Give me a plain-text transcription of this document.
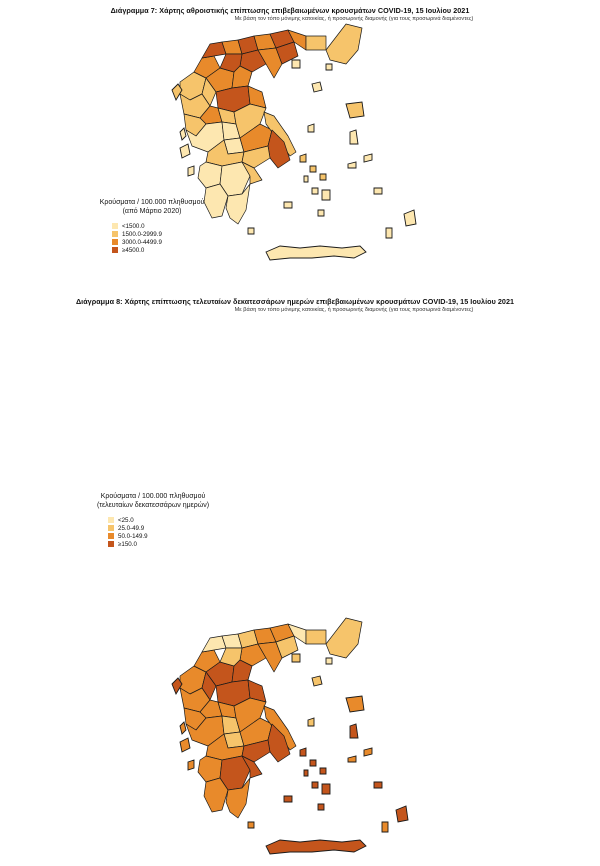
Διάγραμμα 7: Χάρτης αθροιστικής επίπτωσης επιβεβαιωμένων κρουσμάτων COVID-19, 15 Ιουλίου 2021
Με βάση τον τόπο μόνιμης κατοικίας, ή προσωρινής διαμονής (για τους προσωρινά διαμένοντες)
Κρούσματα / 100.000 πληθυσμού
(από Μάρτιο 2020)
<1500.0
1500.0-2999.9
3000.0-4499.9
≥4500.0
Διάγραμμα 8: Χάρτης επίπτωσης τελευταίων δεκατεσσάρων ημερών επιβεβαιωμένων κρουσμάτων COVID-19, 15 Ιουλίου 2021
Με βάση τον τόπο μόνιμης κατοικίας, ή προσωρινής διαμονής (για τους προσωρινά διαμένοντες)
Κρούσματα / 100.000 πληθυσμού
(τελευταίων δεκατεσσάρων ημερών)
<25.0
25.0-49.9
50.0-149.9
≥150.0
